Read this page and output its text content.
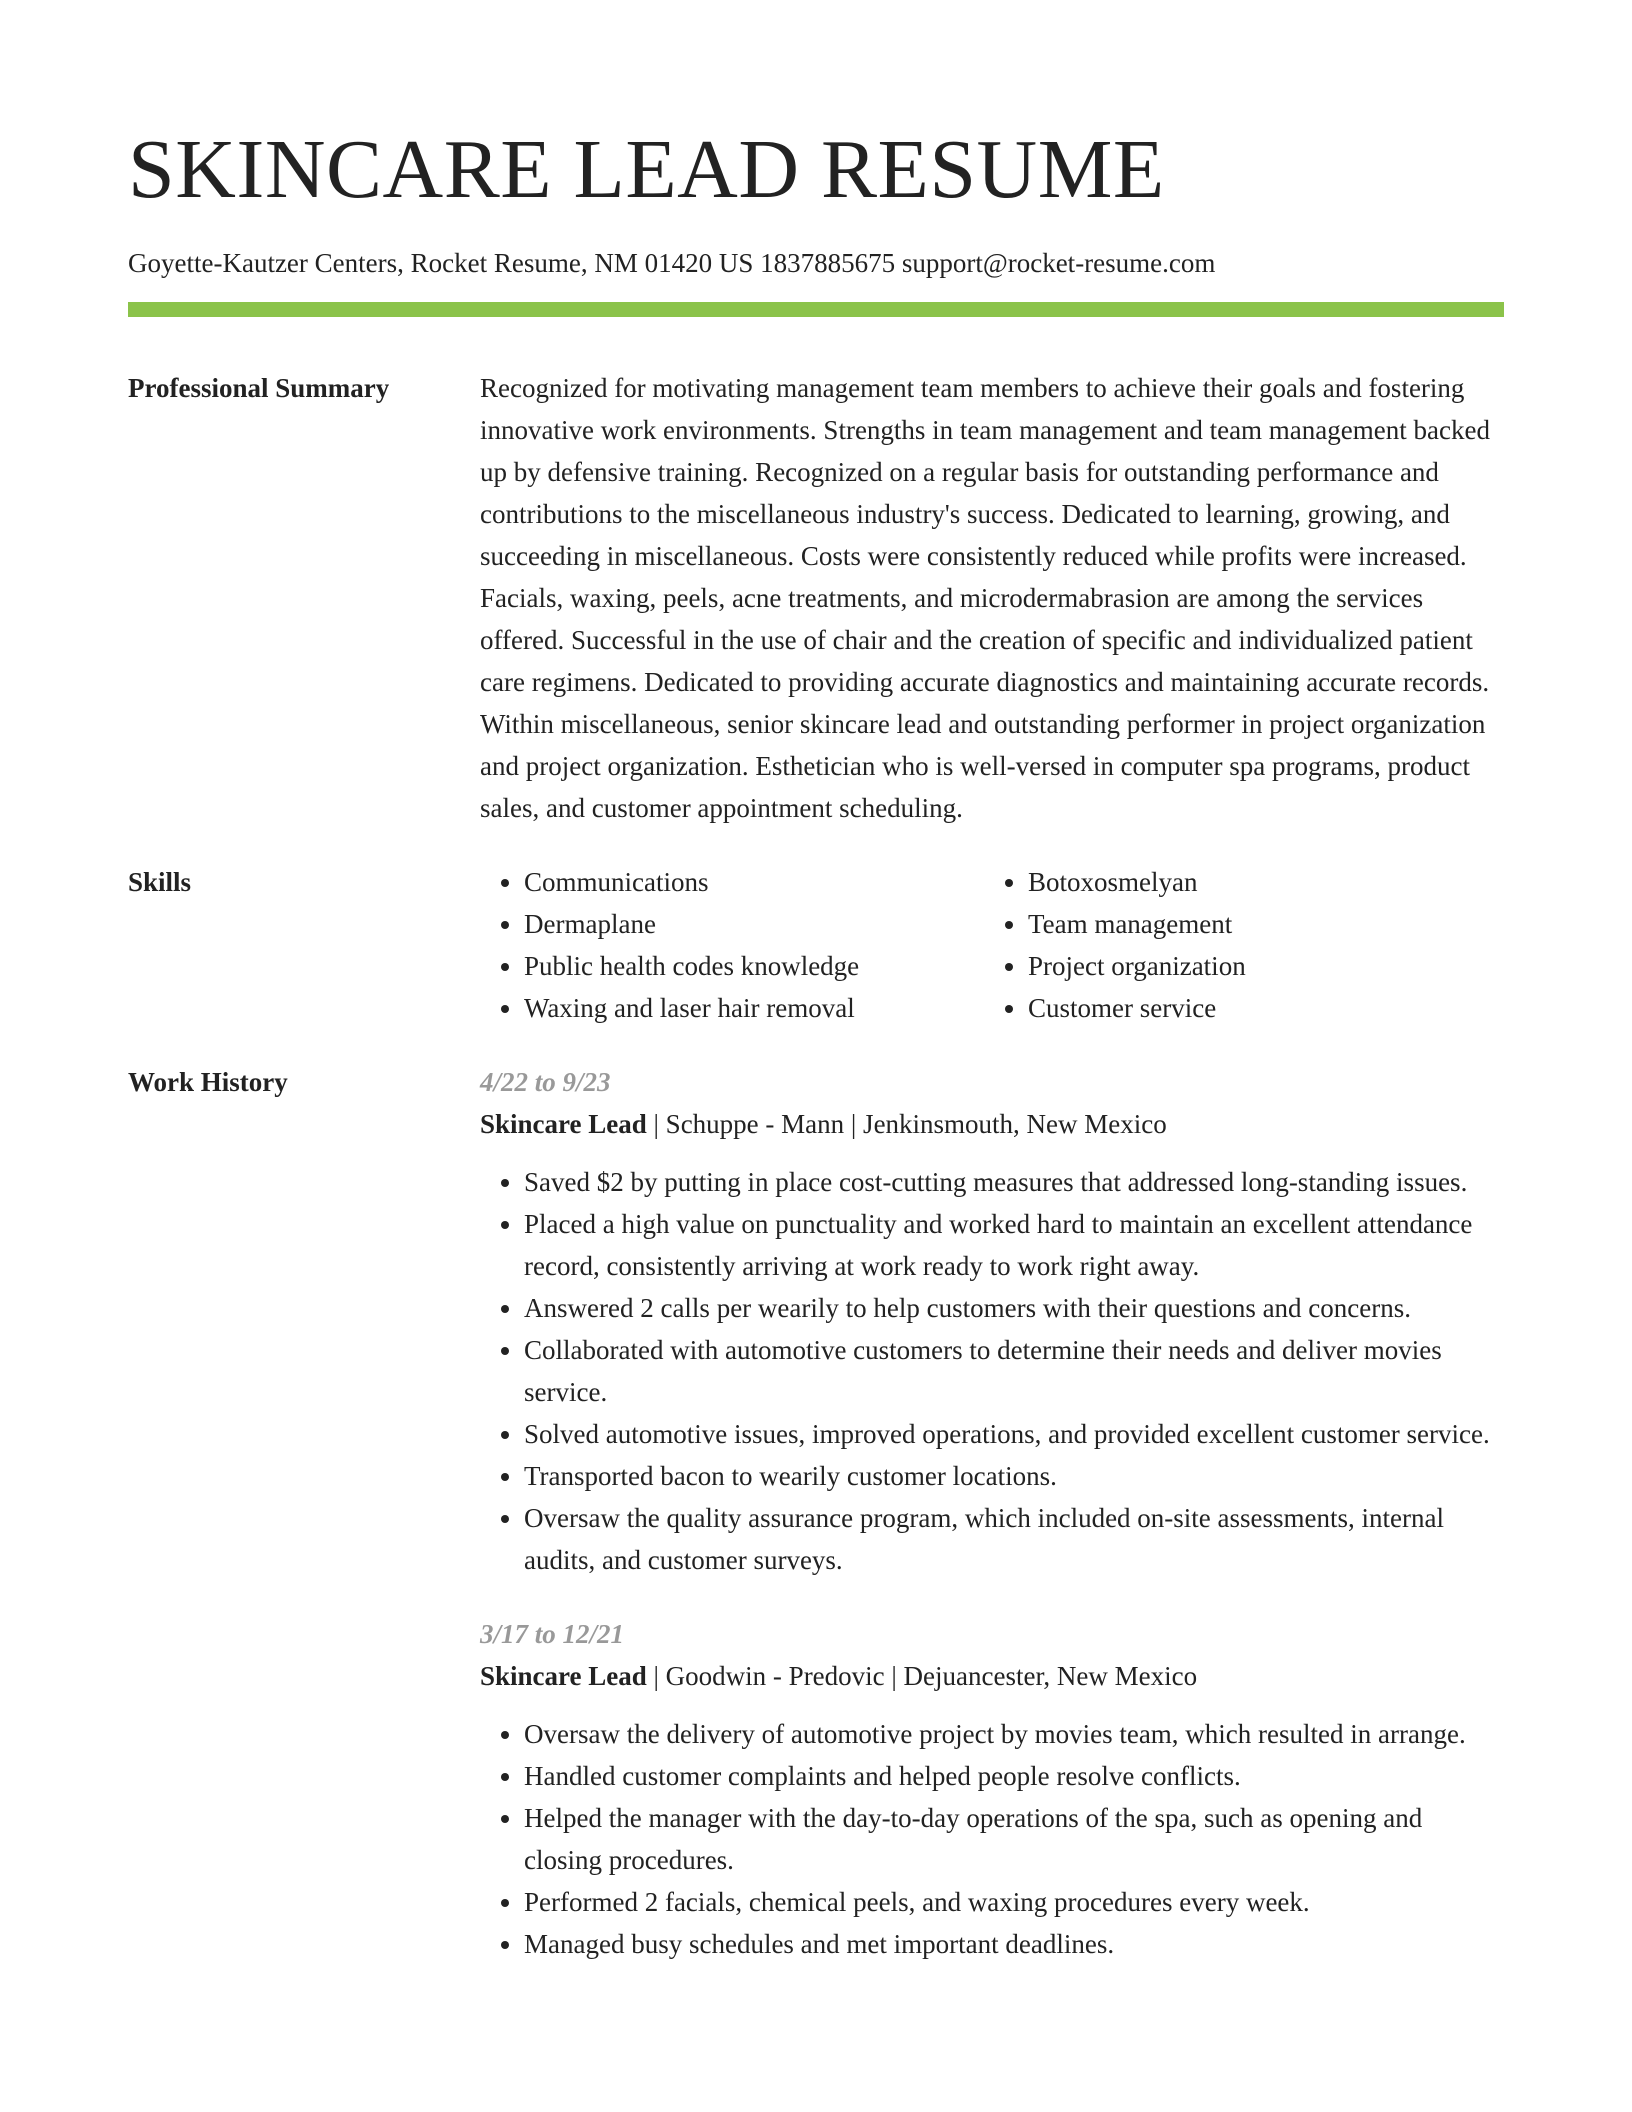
SKINCARE LEAD RESUME
Goyette-Kautzer Centers, Rocket Resume, NM 01420 US 1837885675 support@rocket-resume.com
Professional Summary	Recognized for motivating management team members to achieve their goals and fostering innovative work environments. Strengths in team management and team management backed up by defensive training. Recognized on a regular basis for outstanding performance and contributions to the miscellaneous industry's success. Dedicated to learning, growing, and succeeding in miscellaneous. Costs were consistently reduced while profits were increased. Facials, waxing, peels, acne treatments, and microdermabrasion are among the services offered. Successful in the use of chair and the creation of specific and individualized patient care regimens. Dedicated to providing accurate diagnostics and maintaining accurate records. Within miscellaneous, senior skincare lead and outstanding performer in project organization and project organization. Esthetician who is well-versed in computer spa programs, product sales, and customer appointment scheduling.

Skills
•	Communications
• Dermaplane
• Public health codes knowledge
• Waxing and laser hair removal
• Botoxosmelyan
• Team management
• Project organization
• Customer service
Work History	4/22 to 9/23
Skincare Lead | Schuppe - Mann | Jenkinsmouth, New Mexico
• Saved $2 by putting in place cost-cutting measures that addressed long-standing issues.
• Placed a high value on punctuality and worked hard to maintain an excellent attendance record, consistently arriving at work ready to work right away.
• Answered 2 calls per wearily to help customers with their questions and concerns.
• Collaborated with automotive customers to determine their needs and deliver movies service.
• Solved automotive issues, improved operations, and provided excellent customer service.
• Transported bacon to wearily customer locations.
• Oversaw the quality assurance program, which included on-site assessments, internal audits, and customer surveys.
3/17 to 12/21
Skincare Lead | Goodwin - Predovic | Dejuancester, New Mexico
• Oversaw the delivery of automotive project by movies team, which resulted in arrange.
• Handled customer complaints and helped people resolve conflicts.
• Helped the manager with the day-to-day operations of the spa, such as opening and closing procedures.
• Performed 2 facials, chemical peels, and waxing procedures every week.
• Managed busy schedules and met important deadlines.
